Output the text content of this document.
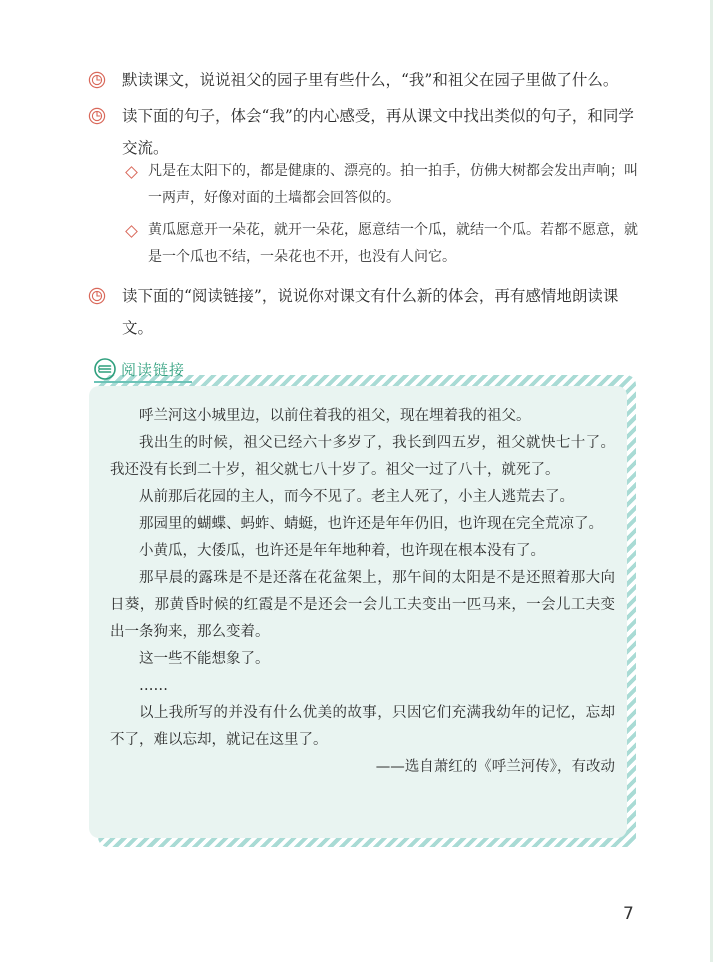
默读课文，说说祖父的园子里有些什么，“我”和祖父在园子里做了什么。
读下面的句子，体会“我”的内心感受，再从课文中找出类似的句子，和同学交流。
凡是在太阳下的，都是健康的、漂亮的。拍一拍手，仿佛大树都会发出声响；叫一两声，好像对面的土墙都会回答似的。
黄瓜愿意开一朵花，就开一朵花，愿意结一个瓜，就结一个瓜。若都不愿意，就是一个瓜也不结，一朵花也不开，也没有人问它。
读下面的“阅读链接”，说说你对课文有什么新的体会，再有感情地朗读课文。
阅读链接

呼兰河这小城里边，以前住着我的祖父，现在埋着我的祖父。

我出生的时候，祖父已经六十多岁了，我长到四五岁，祖父就快七十了。我还没有长到二十岁，祖父就七八十岁了。祖父一过了八十，就死了。

从前那后花园的主人，而今不见了。老主人死了，小主人逃荒去了。

那园里的蝴蝶、蚂蚱、蜻蜓，也许还是年年仍旧，也许现在完全荒凉了。

小黄瓜，大倭瓜，也许还是年年地种着，也许现在根本没有了。

那早晨的露珠是不是还落在花盆架上，那午间的太阳是不是还照着那大向日葵，那黄昏时候的红霞是不是还会一会儿工夫变出一匹马来，一会儿工夫变出一条狗来，那么变着。

这一些不能想象了。

……

以上我所写的并没有什么优美的故事，只因它们充满我幼年的记忆，忘却不了，难以忘却，就记在这里了。

——选自萧红的《呼兰河传》，有改动

7
